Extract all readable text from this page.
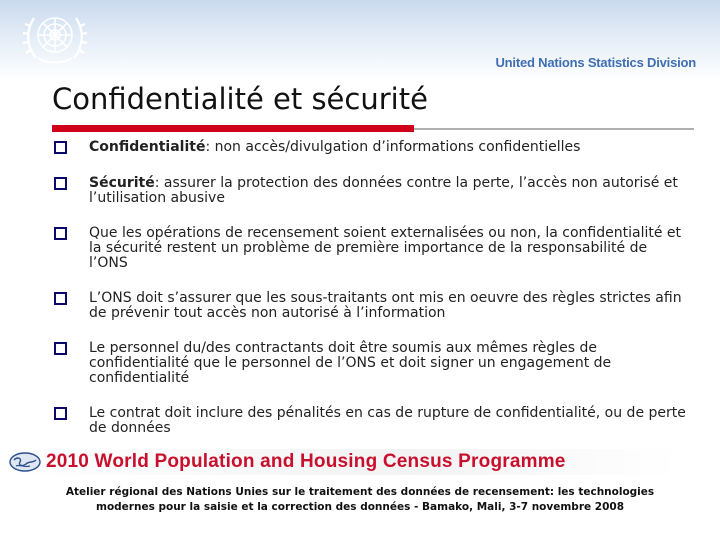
United Nations Statistics Division
Confidentialité et sécurité
Confidentialité: non accès/divulgation d’informations confidentielles
Sécurité: assurer la protection des données contre la perte, l’accès non autorisé et l’utilisation abusive
Que les opérations de recensement soient externalisées ou non, la confidentialité et la sécurité restent un problème de première importance de la responsabilité de l’ONS
L’ONS doit s’assurer que les sous-traitants ont mis en oeuvre des règles strictes afin de prévenir tout accès non autorisé à l’information
Le personnel du/des contractants doit être soumis aux mêmes règles de confidentialité que le personnel de l’ONS et doit signer un engagement de confidentialité
Le contrat doit inclure des pénalités en cas de rupture de confidentialité, ou de perte de données
2010 World Population and Housing Census Programme
Atelier régional des Nations Unies sur le traitement des données de recensement: les technologies
modernes pour la saisie et la correction des données - Bamako, Mali, 3-7 novembre 2008
